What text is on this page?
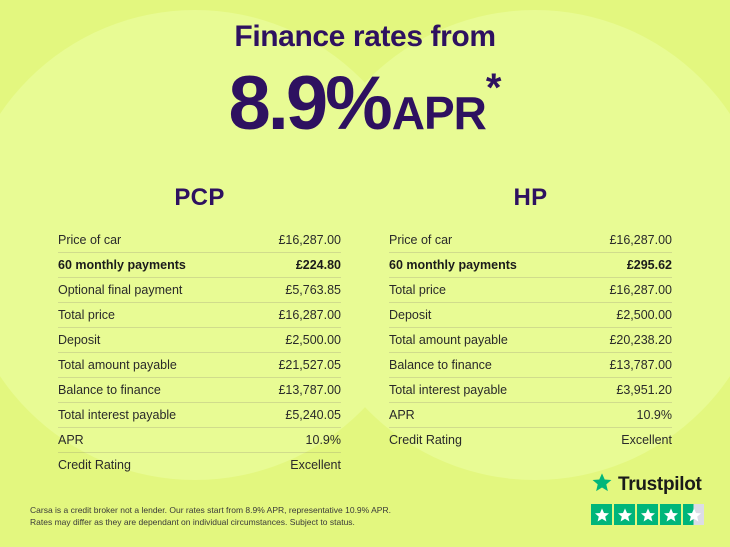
Finance rates from
8.9%APR*
PCP
Price of car	£16,287.00
60 monthly payments	£224.80
Optional final payment	£5,763.85
Total price	£16,287.00
Deposit	£2,500.00
Total amount payable	£21,527.05
Balance to finance	£13,787.00
Total interest payable	£5,240.05
APR	10.9%
Credit Rating	Excellent
HP
Price of car	£16,287.00
60 monthly payments	£295.62
Total price	£16,287.00
Deposit	£2,500.00
Total amount payable	£20,238.20
Balance to finance	£13,787.00
Total interest payable	£3,951.20
APR	10.9%
Credit Rating	Excellent
Carsa is a credit broker not a lender. Our rates start from 8.9% APR, representative 10.9% APR.
Rates may differ as they are dependant on individual circumstances. Subject to status.
Trustpilot
